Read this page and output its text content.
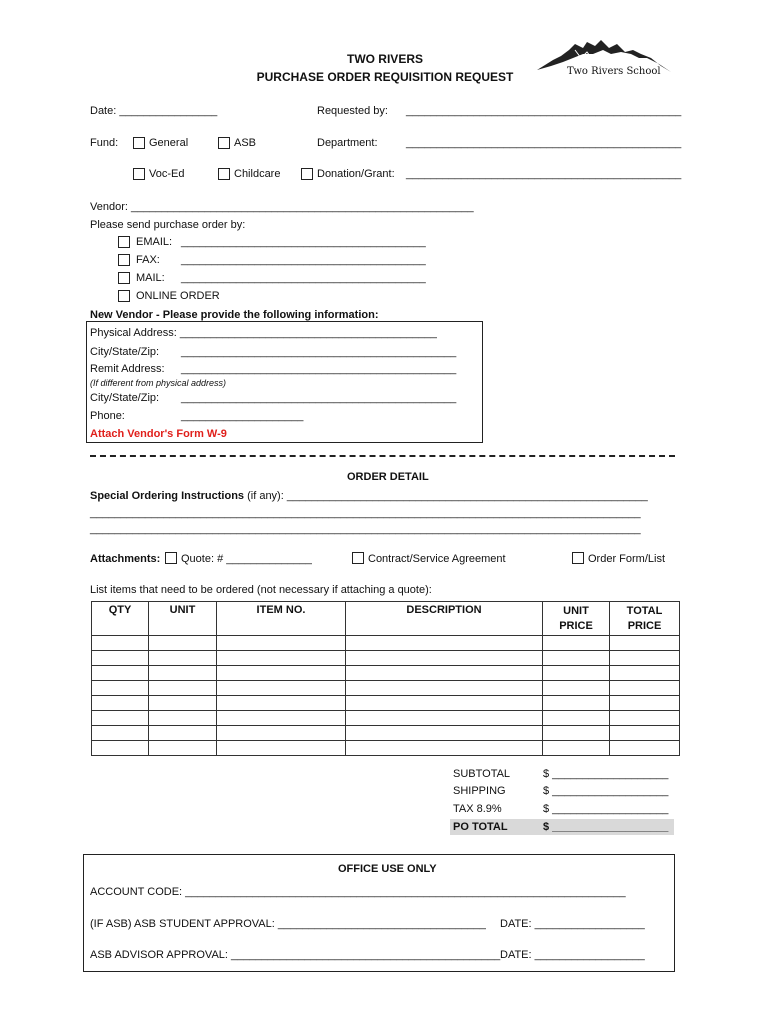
TWO RIVERS
PURCHASE ORDER REQUISITION REQUEST	Two Rivers School
Date: ________________	Requested by: _____________________________________________
Fund:	General	ASB	Department:	_____________________________________________
Voc-Ed	Childcare	Donation/Grant: _____________________________________________
Vendor: ________________________________________________________
Please send purchase order by:
EMAIL: ________________________________________
FAX: ________________________________________
MAIL: ________________________________________
ONLINE ORDER
New Vendor - Please provide the following information:
Physical Address: __________________________________________
City/State/Zip: _____________________________________________
Remit Address: _____________________________________________
(If different from physical address)
City/State/Zip: _____________________________________________
Phone:	____________________
Attach Vendor's Form W-9
ORDER DETAIL
Special Ordering Instructions (if any): ___________________________________________________________
__________________________________________________________________________________________
__________________________________________________________________________________________
Attachments: Quote: # ______________	Contract/Service Agreement	Order Form/List
List items that need to be ordered (not necessary if attaching a quote):
QTY	UNIT	ITEM NO.	DESCRIPTION	UNIT PRICE	TOTAL PRICE

SUBTOTAL	$ ___________________
SHIPPING	$ ___________________
TAX 8.9%	$ ___________________
PO TOTAL	$ ___________________
OFFICE USE ONLY
ACCOUNT CODE: ________________________________________________________________________
(IF ASB) ASB STUDENT APPROVAL: __________________________________ DATE: __________________
ASB ADVISOR APPROVAL: ____________________________________________ DATE: __________________
